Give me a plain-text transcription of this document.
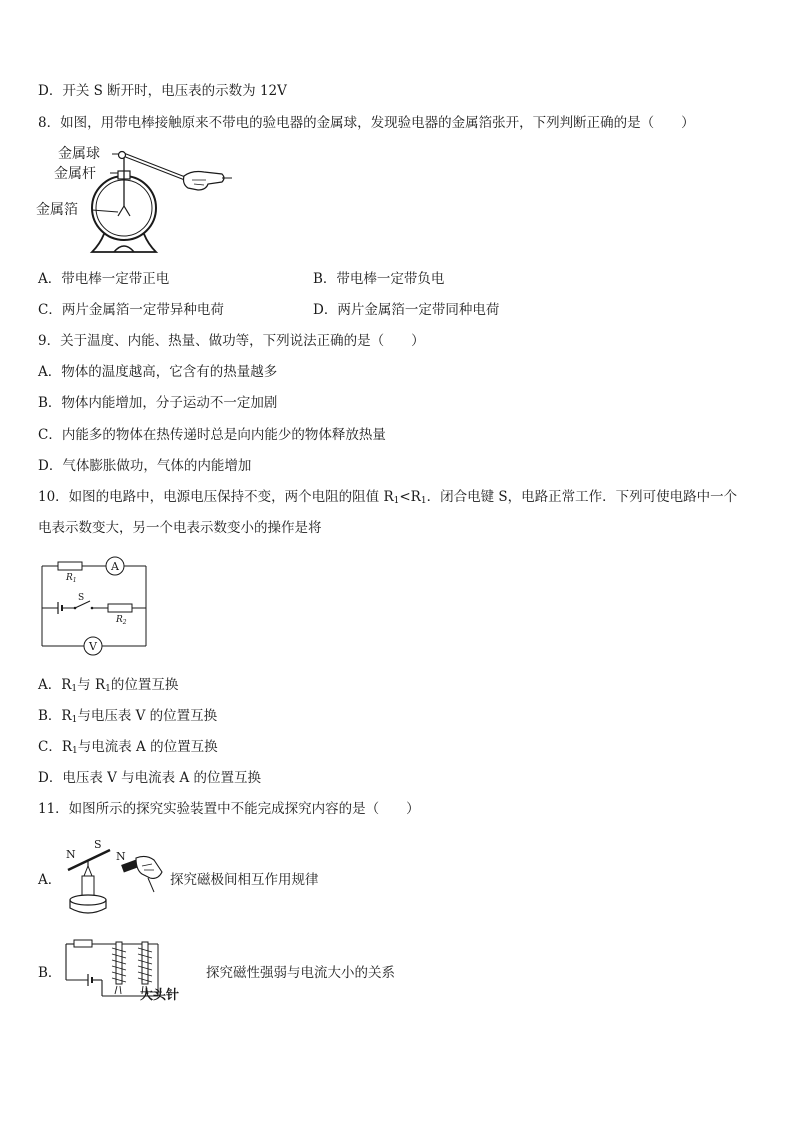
D．开关 S 断开时，电压表的示数为 12V
8．如图，用带电棒接触原来不带电的验电器的金属球，发现验电器的金属箔张开，下列判断正确的是（　　）
金属球
金属杆
金属箔
A．带电棒一定带正电	B．带电棒一定带负电
C．两片金属箔一定带异种电荷	D．两片金属箔一定带同种电荷
9．关于温度、内能、热量、做功等，下列说法正确的是（　　）
A．物体的温度越高，它含有的热量越多
B．物体内能增加，分子运动不一定加剧
C．内能多的物体在热传递时总是向内能少的物体释放热量
D．气体膨胀做功，气体的内能增加
10．如图的电路中，电源电压保持不变，两个电阻的阻值 $R_1<R_1$．闭合电键 S，电路正常工作．下列可使电路中一个
电表示数变大，另一个电表示数变小的操作是将
A
$R_1$
S
$R_2$
V
A．$R_1$与 $R_1$的位置互换
B．$R_1$与电压表 V 的位置互换
C．$R_1$与电流表 A 的位置互换
D．电压表 V 与电流表 A 的位置互换
11．如图所示的探究实验装置中不能完成探究内容的是（　　）
A．
N
S
N
探究磁极间相互作用规律
B．
大头针
探究磁性强弱与电流大小的关系
